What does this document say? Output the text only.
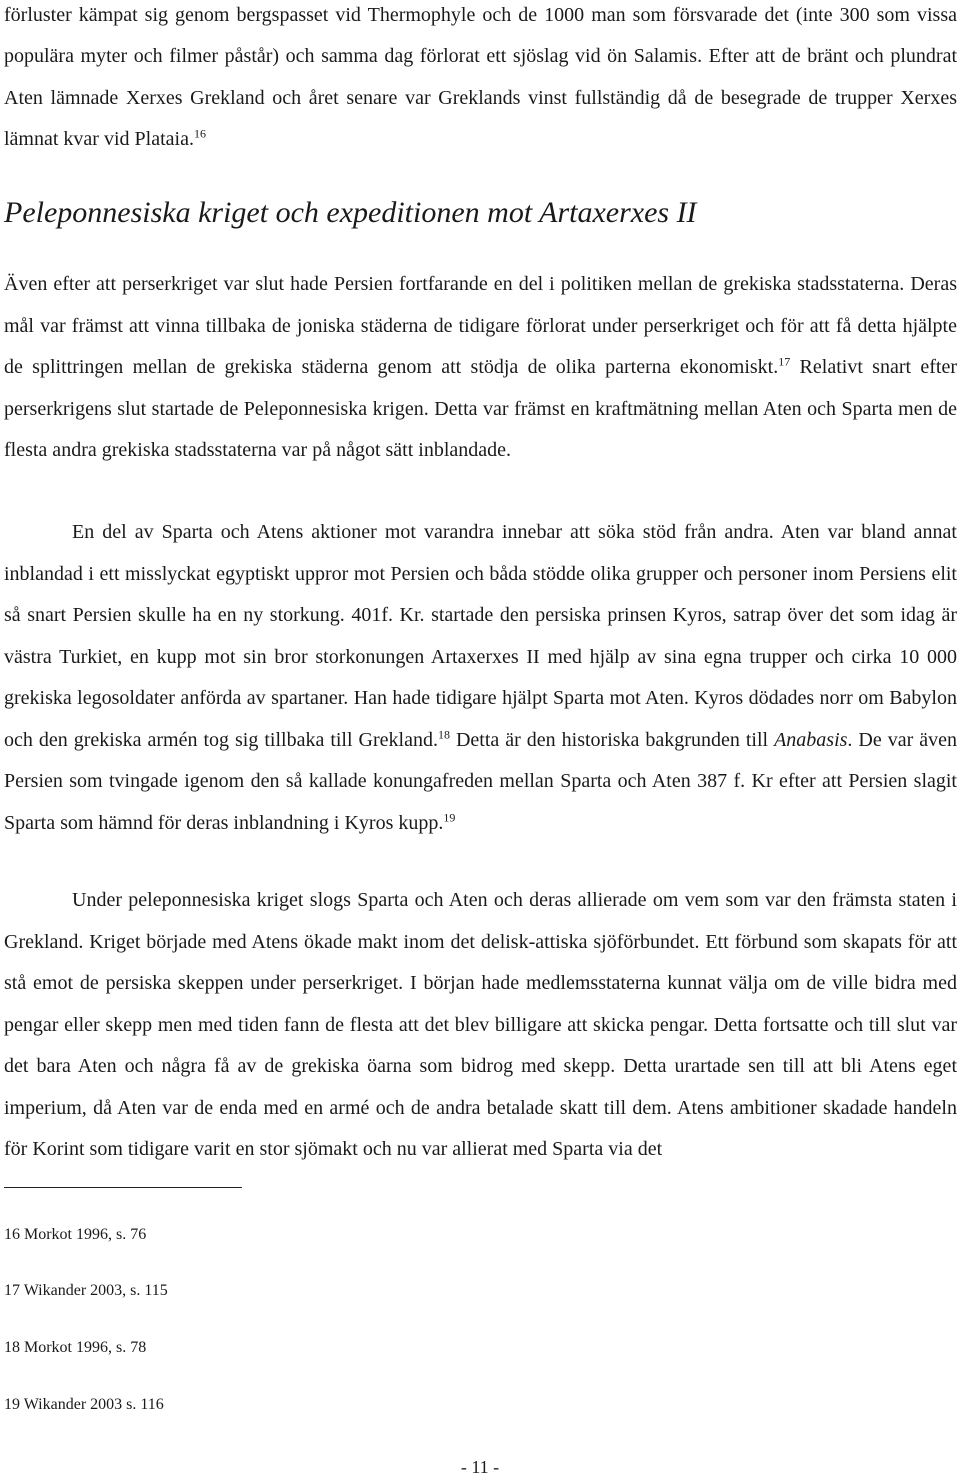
förluster kämpat sig genom bergspasset vid Thermophyle och de 1000 man som försvarade det (inte 300 som vissa populära myter och filmer påstår) och samma dag förlorat ett sjöslag vid ön Salamis. Efter att de bränt och plundrat Aten lämnade Xerxes Grekland och året senare var Greklands vinst fullständig då de besegrade de trupper Xerxes lämnat kvar vid Plataia.$^{16}$

Peleponnesiska kriget och expeditionen mot Artaxerxes II

Även efter att perserkriget var slut hade Persien fortfarande en del i politiken mellan de grekiska stadsstaterna. Deras mål var främst att vinna tillbaka de joniska städerna de tidigare förlorat under perserkriget och för att få detta hjälpte de splittringen mellan de grekiska städerna genom att stödja de olika parterna ekonomiskt.$^{17}$ Relativt snart efter perserkrigens slut startade de Peleponnesiska krigen. Detta var främst en kraftmätning mellan Aten och Sparta men de flesta andra grekiska stadsstaterna var på något sätt inblandade.

En del av Sparta och Atens aktioner mot varandra innebar att söka stöd från andra. Aten var bland annat inblandad i ett misslyckat egyptiskt uppror mot Persien och båda stödde olika grupper och personer inom Persiens elit så snart Persien skulle ha en ny storkung. 401f. Kr. startade den persiska prinsen Kyros, satrap över det som idag är västra Turkiet, en kupp mot sin bror storkonungen Artaxerxes II med hjälp av sina egna trupper och cirka 10 000 grekiska legosoldater anförda av spartaner. Han hade tidigare hjälpt Sparta mot Aten. Kyros dödades norr om Babylon och den grekiska armén tog sig tillbaka till Grekland.$^{18}$ Detta är den historiska bakgrunden till Anabasis. De var även Persien som tvingade igenom den så kallade konungafreden mellan Sparta och Aten 387 f. Kr efter att Persien slagit Sparta som hämnd för deras inblandning i Kyros kupp.$^{19}$

Under peleponnesiska kriget slogs Sparta och Aten och deras allierade om vem som var den främsta staten i Grekland. Kriget började med Atens ökade makt inom det delisk-attiska sjöförbundet. Ett förbund som skapats för att stå emot de persiska skeppen under perserkriget. I början hade medlemsstaterna kunnat välja om de ville bidra med pengar eller skepp men med tiden fann de flesta att det blev billigare att skicka pengar. Detta fortsatte och till slut var det bara Aten och några få av de grekiska öarna som bidrog med skepp. Detta urartade sen till att bli Atens eget imperium, då Aten var de enda med en armé och de andra betalade skatt till dem. Atens ambitioner skadade handeln för Korint som tidigare varit en stor sjömakt och nu var allierat med Sparta via det

16 Morkot 1996, s. 76

17 Wikander 2003, s. 115

18 Morkot 1996, s. 78

19 Wikander 2003 s. 116

- 11 -
